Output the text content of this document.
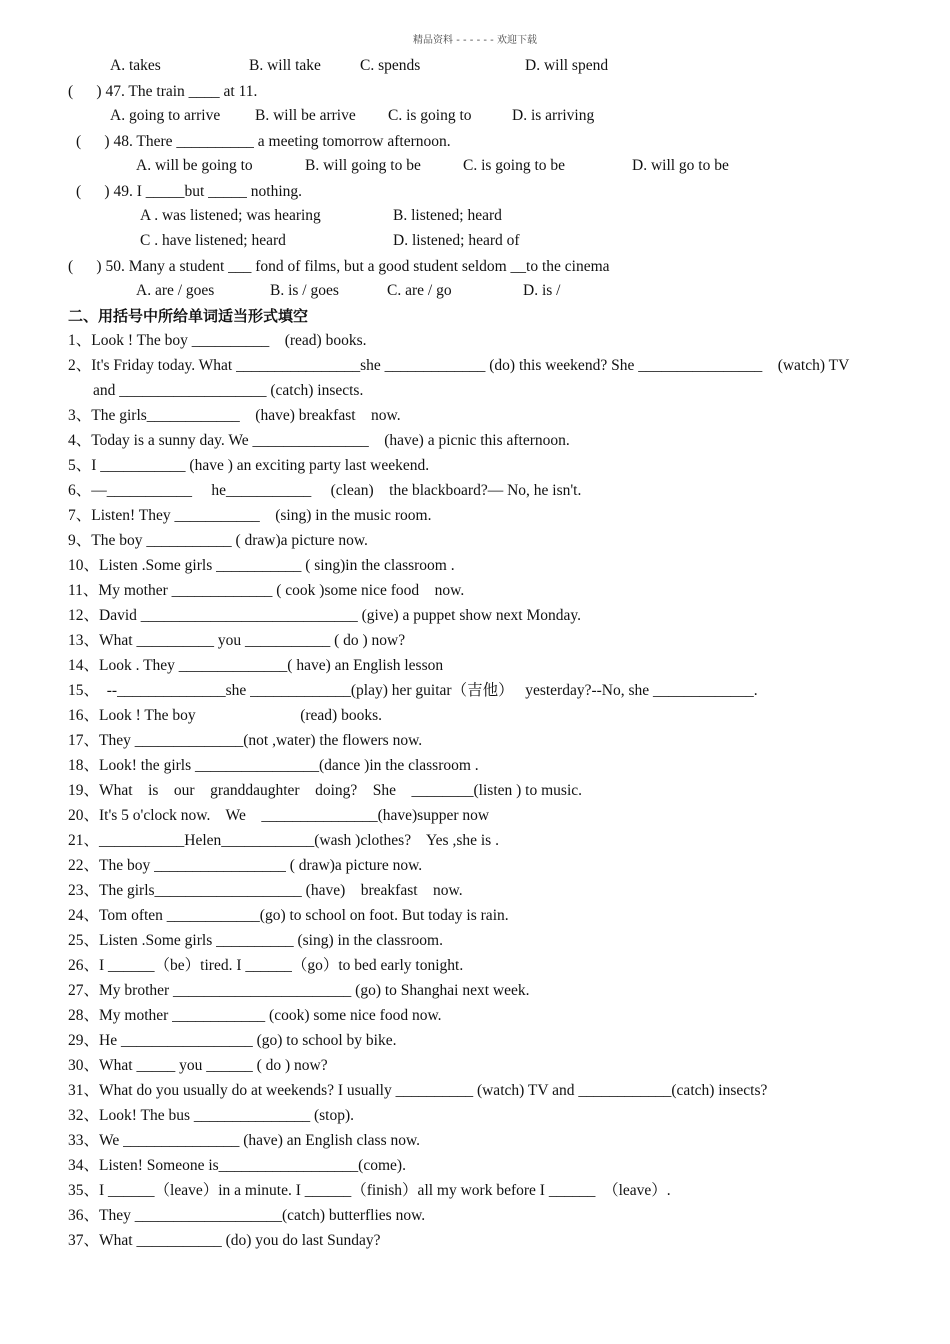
精品资料 - - - - - - 欢迎下载
A. takes	B. will take	C. spends	D. will spend
(      ) 47. The train ____ at 11.
A. going to arrive B. will be arrive C. is going to	D. is arriving
(      ) 48. There __________ a meeting tomorrow afternoon.
A. will be going to	B. will going to be	C. is going to be	D. will go to be
(      ) 49. I _____but _____ nothing.
A . was listened; was hearing	B. listened; heard
C . have listened; heard	D. listened; heard of
(      ) 50. Many a student ___ fond of films, but a good student seldom __to the cinema
A. are / goes	B. is / goes	C. are / go	D. is /
二、用括号中所给单词适当形式填空
1、Look ! The boy __________    (read) books.
2、It's Friday today. What ________________she _____________ (do) this weekend? She ________________    (watch) TV
and ___________________ (catch) insects.
3、The girls____________    (have) breakfast    now.
4、Today is a sunny day. We _______________    (have) a picnic this afternoon.
5、I ___________ (have ) an exciting party last weekend.
6、—___________     he___________     (clean)    the blackboard?— No, he isn't.
7、Listen! They ___________    (sing) in the music room.
9、The boy ___________ ( draw)a picture now.
10、Listen .Some girls ___________ ( sing)in the classroom .
11、My mother _____________ ( cook )some nice food    now.
12、David ____________________________ (give) a puppet show next Monday.
13、What __________ you ___________ ( do ) now?
14、Look . They ______________( have) an English lesson
15、  --______________she _____________(play) her guitar（吉他）   yesterday?--No, she _____________.
16、Look ! The boy                           (read) books.
17、They ______________(not ,water) the flowers now.
18、Look! the girls ________________(dance )in the classroom .
19、What    is    our    granddaughter    doing?    She    ________(listen ) to music.
20、It's 5 o'clock now.    We    _______________(have)supper now
21、___________Helen____________(wash )clothes?    Yes ,she is .
22、The boy _________________ ( draw)a picture now.
23、The girls___________________ (have)    breakfast    now.
24、Tom often ____________(go) to school on foot. But today is rain.
25、Listen .Some girls __________ (sing) in the classroom.
26、I ______（be）tired. I ______（go）to bed early tonight.
27、My brother _______________________ (go) to Shanghai next week.
28、My mother ____________ (cook) some nice food now.
29、He _________________ (go) to school by bike.
30、What _____ you ______ ( do ) now?
31、What do you usually do at weekends? I usually __________ (watch) TV and ____________(catch) insects?
32、Look! The bus _______________ (stop).
33、We _______________ (have) an English class now.
34、Listen! Someone is__________________(come).
35、I ______（leave）in a minute. I ______（finish）all my work before I ______  （leave）.
36、They ___________________(catch) butterflies now.
37、What ___________ (do) you do last Sunday?
